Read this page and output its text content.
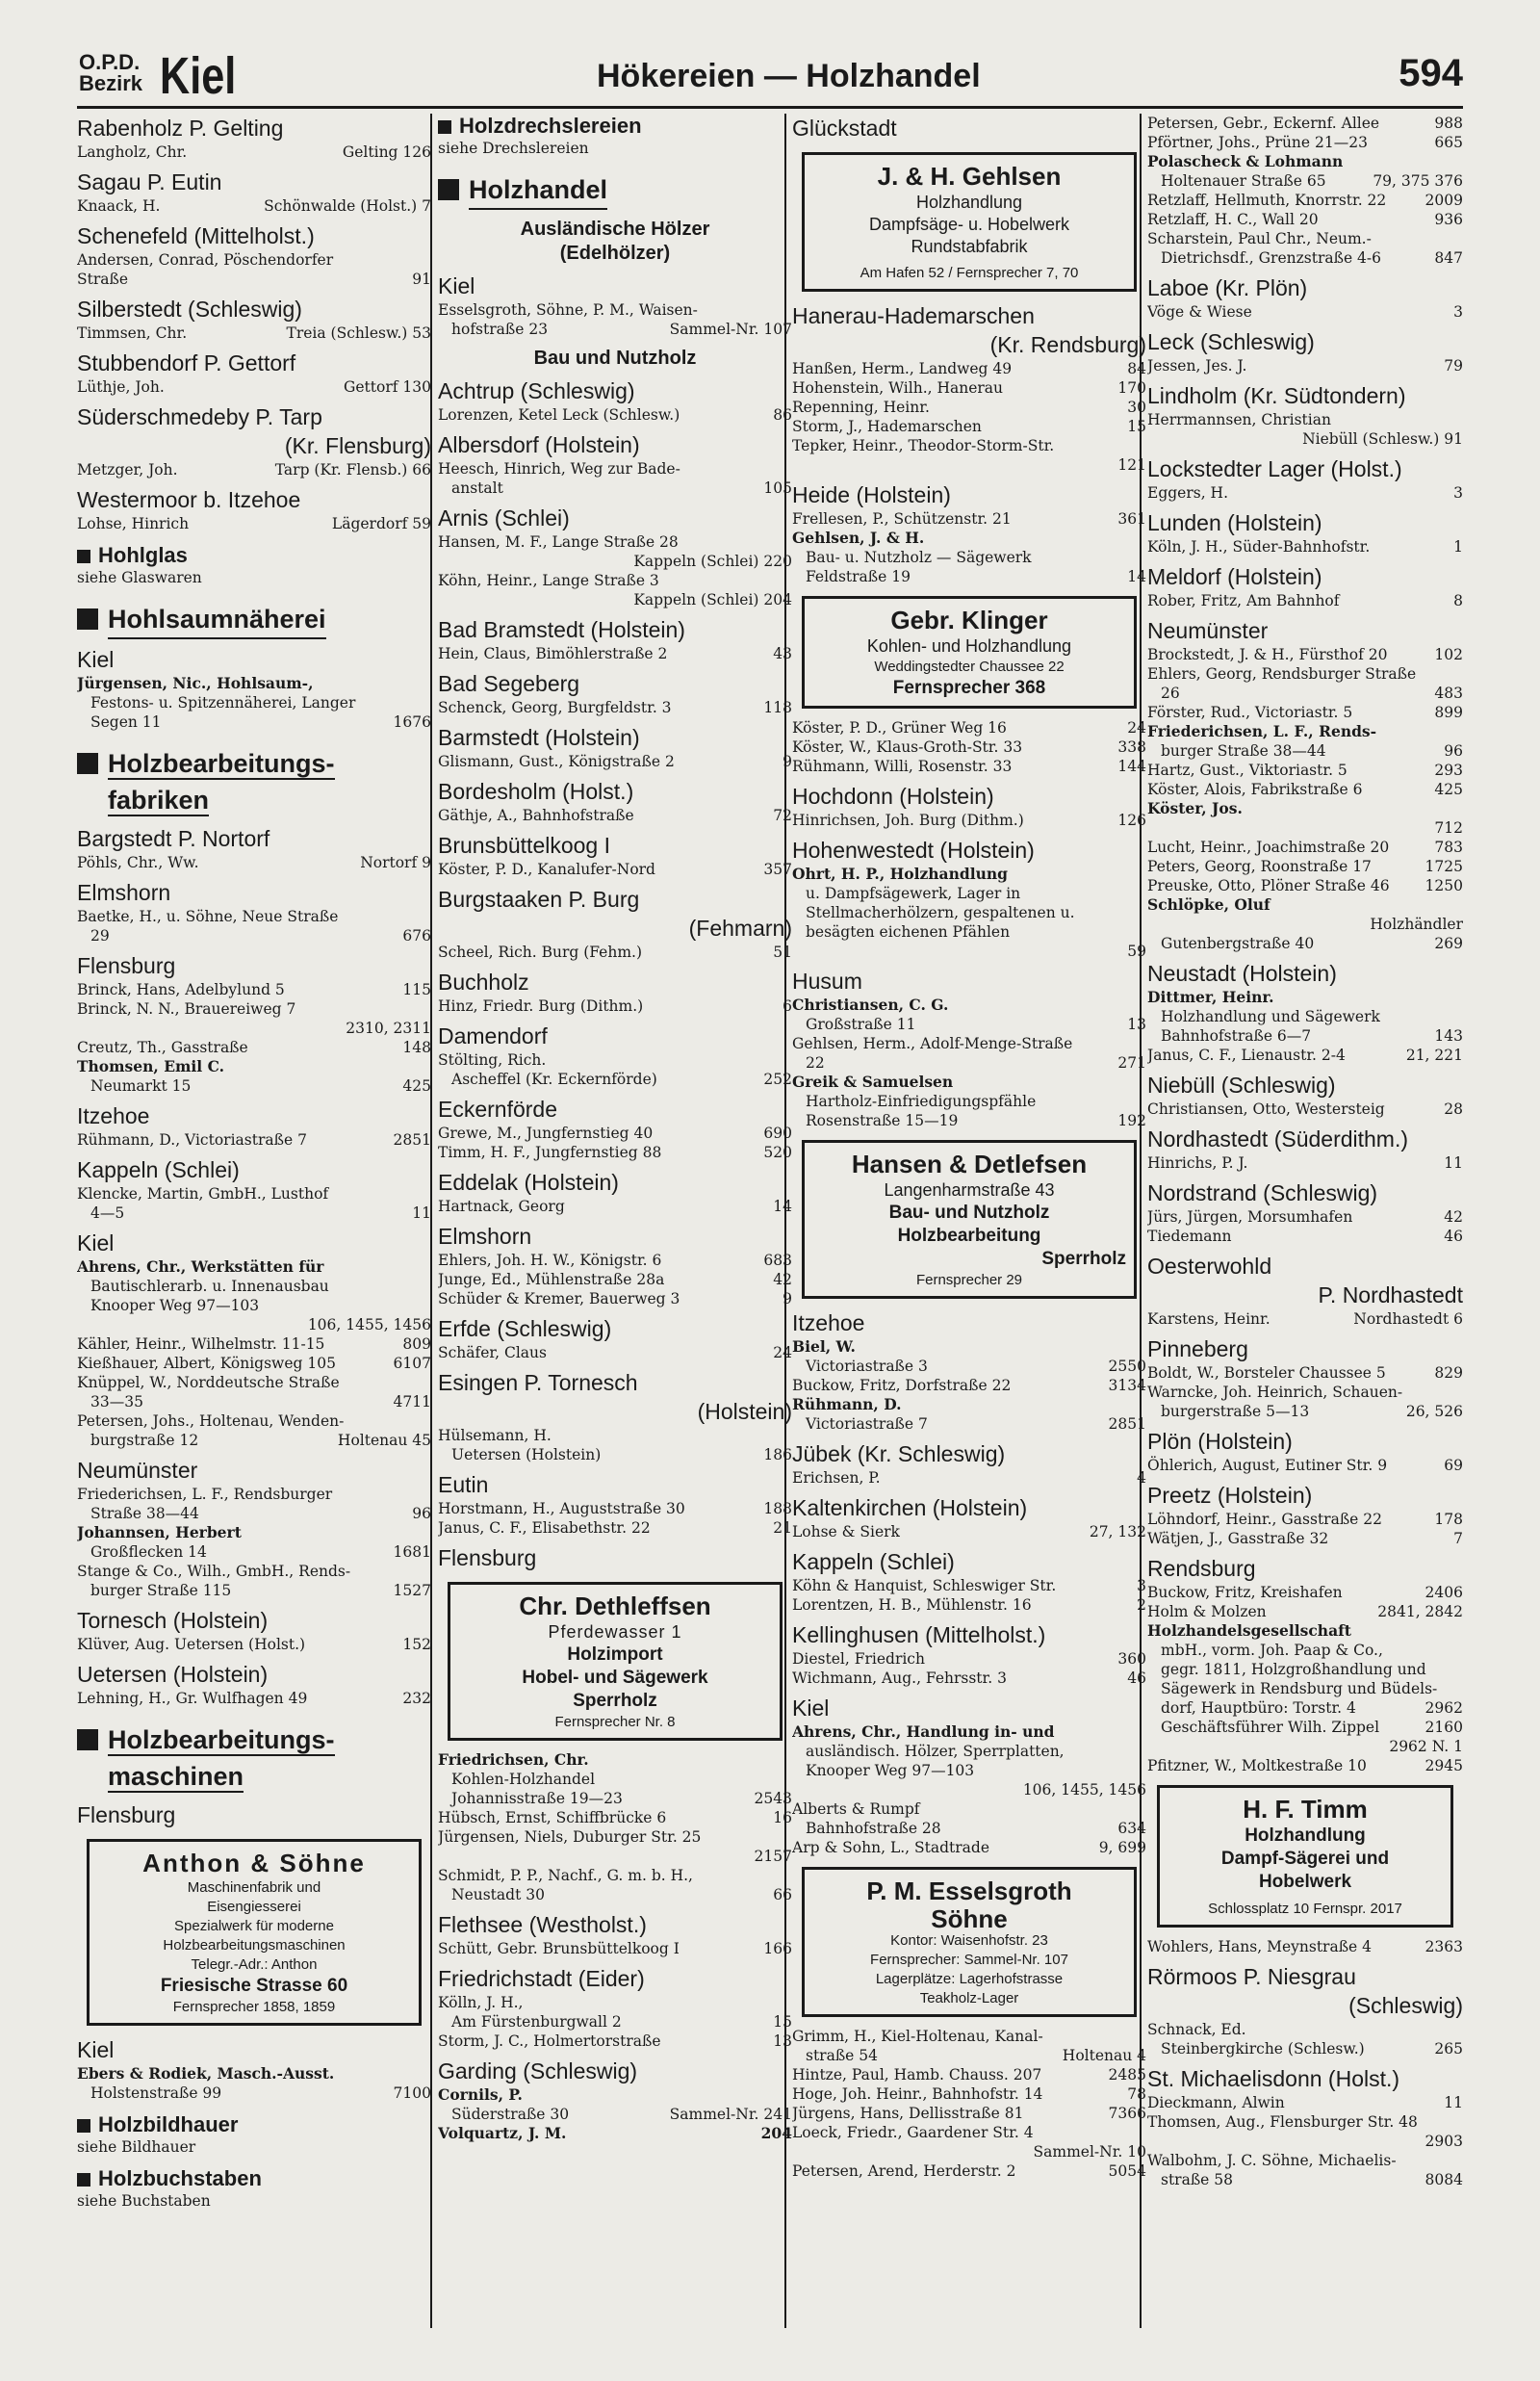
O.P.D.
Bezirk Kiel	Hökereien — Holzhandel	594
Rabenholz P. Gelting
Langholz, Chr.	Gelting 126
Sagau P. Eutin
Knaack, H.	Schönwalde (Holst.) 7
Schenefeld (Mittelholst.)
Andersen, Conrad, Pöschendorfer
Straße	91
Silberstedt (Schleswig)
Timmsen, Chr.	Treia (Schlesw.) 53
Stubbendorf P. Gettorf
Lüthje, Joh.	Gettorf 130
Süderschmedeby P. Tarp
(Kr. Flensburg)
Metzger, Joh.	Tarp (Kr. Flensb.) 66
Westermoor b. Itzehoe
Lohse, Hinrich	Lägerdorf 59
Hohlglas
siehe Glaswaren
Hohlsaumnäherei
Kiel
Jürgensen, Nic., Hohlsaum-,
Festons- u. Spitzennäherei, Langer
Segen 11	1676
Holzbearbeitungs-
fabriken
Bargstedt P. Nortorf
Pöhls, Chr., Ww.	Nortorf 9
Elmshorn
Baetke, H., u. Söhne, Neue Straße
29	676
Flensburg
Brinck, Hans, Adelbylund 5	115
Brinck, N. N., Brauereiweg 7
2310, 2311
Creutz, Th., Gasstraße	148
Thomsen, Emil C.
Neumarkt 15	425
Itzehoe
Rühmann, D., Victoriastraße 7	2851
Kappeln (Schlei)
Klencke, Martin, GmbH., Lusthof
4—5	11
Kiel
Ahrens, Chr., Werkstätten für
Bautischlerarb. u. Innenausbau
Knooper Weg 97—103
106, 1455, 1456
Kähler, Heinr., Wilhelmstr. 11-15	809
Kießhauer, Albert, Königsweg 105	6107
Knüppel, W., Norddeutsche Straße
33—35	4711
Petersen, Johs., Holtenau, Wenden-
burgstraße 12	Holtenau 45
Neumünster
Friederichsen, L. F., Rendsburger
Straße 38—44	96
Johannsen, Herbert
Großflecken 14	1681
Stange & Co., Wilh., GmbH., Rends-
burger Straße 115	1527
Tornesch (Holstein)
Klüver, Aug. Uetersen (Holst.)	152
Uetersen (Holstein)
Lehning, H., Gr. Wulfhagen 49	232
Holzbearbeitungs-
maschinen
Flensburg
Anthon & Söhne
Maschinenfabrik und
Eisengiesserei
Spezialwerk für moderne
Holzbearbeitungsmaschinen
Telegr.-Adr.: Anthon
Friesische Strasse 60
Fernsprecher 1858, 1859
Kiel
Ebers & Rodiek, Masch.-Ausst.
Holstenstraße 99	7100
Holzbildhauer
siehe Bildhauer
Holzbuchstaben
siehe Buchstaben
Holzdrechslereien
siehe Drechslereien
Holzhandel
Ausländische Hölzer
(Edelhölzer)
Kiel
Esselsgroth, Söhne, P. M., Waisen-
hofstraße 23	Sammel-Nr. 107
Bau und Nutzholz
Achtrup (Schleswig)
Lorenzen, Ketel Leck (Schlesw.)	86
Albersdorf (Holstein)
Heesch, Hinrich, Weg zur Bade-
anstalt	105
Arnis (Schlei)
Hansen, M. F., Lange Straße 28
Kappeln (Schlei) 220
Köhn, Heinr., Lange Straße 3
Kappeln (Schlei) 204
Bad Bramstedt (Holstein)
Hein, Claus, Bimöhlerstraße 2	43
Bad Segeberg
Schenck, Georg, Burgfeldstr. 3	118
Barmstedt (Holstein)
Glismann, Gust., Königstraße 2	9
Bordesholm (Holst.)
Gäthje, A., Bahnhofstraße	72
Brunsbüttelkoog I
Köster, P. D., Kanalufer-Nord	357
Burgstaaken P. Burg
(Fehmarn)
Scheel, Rich. Burg (Fehm.)	51
Buchholz
Hinz, Friedr. Burg (Dithm.)	6
Damendorf
Stölting, Rich.
Ascheffel (Kr. Eckernförde)	252
Eckernförde
Grewe, M., Jungfernstieg 40	690
Timm, H. F., Jungfernstieg 88	520
Eddelak (Holstein)
Hartnack, Georg	14
Elmshorn
Ehlers, Joh. H. W., Königstr. 6	683
Junge, Ed., Mühlenstraße 28a	42
Schüder & Kremer, Bauerweg 3	9
Erfde (Schleswig)
Schäfer, Claus	24
Esingen P. Tornesch
(Holstein)
Hülsemann, H.
Uetersen (Holstein)	186
Eutin
Horstmann, H., Auguststraße 30	188
Janus, C. F., Elisabethstr. 22	21
Flensburg
Chr. Dethleffsen
Pferdewasser 1
Holzimport
Hobel- und Sägewerk
Sperrholz
Fernsprecher Nr. 8
Friedrichsen, Chr.
Kohlen-Holzhandel
Johannisstraße 19—23	2543
Hübsch, Ernst, Schiffbrücke 6	16
Jürgensen, Niels, Duburger Str. 25
2157
Schmidt, P. P., Nachf., G. m. b. H.,
Neustadt 30	66
Flethsee (Westholst.)
Schütt, Gebr. Brunsbüttelkoog I	166
Friedrichstadt (Eider)
Kölln, J. H.,
Am Fürstenburgwall 2	15
Storm, J. C., Holmertorstraße	13
Garding (Schleswig)
Cornils, P.
Süderstraße 30	Sammel-Nr. 241
Volquartz, J. M.	204
Glückstadt
J. & H. Gehlsen
Holzhandlung
Dampfsäge- u. Hobelwerk
Rundstabfabrik
Am Hafen 52 / Fernsprecher 7, 70
Hanerau-Hademarschen
(Kr. Rendsburg)
Hanßen, Herm., Landweg 49	84
Hohenstein, Wilh., Hanerau	170
Repenning, Heinr.	30
Storm, J., Hademarschen	15
Tepker, Heinr., Theodor-Storm-Str.
121
Heide (Holstein)
Frellesen, P., Schützenstr. 21	361
Gehlsen, J. & H.
Bau- u. Nutzholz — Sägewerk
Feldstraße 19	14
Gebr. Klinger
Kohlen- und Holzhandlung
Weddingstedter Chaussee 22
Fernsprecher 368
Köster, P. D., Grüner Weg 16	24
Köster, W., Klaus-Groth-Str. 33	338
Rühmann, Willi, Rosenstr. 33	144
Hochdonn (Holstein)
Hinrichsen, Joh. Burg (Dithm.)	126
Hohenwestedt (Holstein)
Ohrt, H. P., Holzhandlung
u. Dampfsägewerk, Lager in
Stellmacherhölzern, gespaltenen u.
besägten eichenen Pfählen
59
Husum
Christiansen, C. G.
Großstraße 11	13
Gehlsen, Herm., Adolf-Menge-Straße
22	271
Greik & Samuelsen
Hartholz-Einfriedigungspfähle
Rosenstraße 15—19	192
Hansen & Detlefsen
Langenharmstraße 43
Bau- und Nutzholz
Holzbearbeitung
Sperrholz
Fernsprecher 29
Itzehoe
Biel, W.
Victoriastraße 3	2550
Buckow, Fritz, Dorfstraße 22	3134
Rühmann, D.
Victoriastraße 7	2851
Jübek (Kr. Schleswig)
Erichsen, P.	4
Kaltenkirchen (Holstein)
Lohse & Sierk	27, 132
Kappeln (Schlei)
Köhn & Hanquist, Schleswiger Str.	3
Lorentzen, H. B., Mühlenstr. 16	2
Kellinghusen (Mittelholst.)
Diestel, Friedrich	360
Wichmann, Aug., Fehrsstr. 3	46
Kiel
Ahrens, Chr., Handlung in- und
ausländisch. Hölzer, Sperrplatten,
Knooper Weg 97—103
106, 1455, 1456
Alberts & Rumpf
Bahnhofstraße 28	634
Arp & Sohn, L., Stadtrade	9, 699
P. M. Esselsgroth
Söhne
Kontor: Waisenhofstr. 23
Fernsprecher: Sammel-Nr. 107
Lagerplätze: Lagerhofstrasse
Teakholz-Lager
Grimm, H., Kiel-Holtenau, Kanal-
straße 54	Holtenau 4
Hintze, Paul, Hamb. Chauss. 207	2485
Hoge, Joh. Heinr., Bahnhofstr. 14	78
Jürgens, Hans, Dellisstraße 81	7366
Loeck, Friedr., Gaardener Str. 4
Sammel-Nr. 10
Petersen, Arend, Herderstr. 2	5054
Petersen, Gebr., Eckernf. Allee	988
Pförtner, Johs., Prüne 21—23	665
Polascheck & Lohmann
Holtenauer Straße 65	79, 375 376
Retzlaff, Hellmuth, Knorrstr. 22	2009
Retzlaff, H. C., Wall 20	936
Scharstein, Paul Chr., Neum.-
Dietrichsdf., Grenzstraße 4-6	847
Laboe (Kr. Plön)
Vöge & Wiese	3
Leck (Schleswig)
Jessen, Jes. J.	79
Lindholm (Kr. Südtondern)
Herrmannsen, Christian
Niebüll (Schlesw.) 91
Lockstedter Lager (Holst.)
Eggers, H.	3
Lunden (Holstein)
Köln, J. H., Süder-Bahnhofstr.	1
Meldorf (Holstein)
Rober, Fritz, Am Bahnhof	8
Neumünster
Brockstedt, J. & H., Fürsthof 20	102
Ehlers, Georg, Rendsburger Straße
26	483
Förster, Rud., Victoriastr. 5	899
Friederichsen, L. F., Rends-
burger Straße 38—44	96
Hartz, Gust., Viktoriastr. 5	293
Köster, Alois, Fabrikstraße 6	425
Köster, Jos.
712
Lucht, Heinr., Joachimstraße 20	783
Peters, Georg, Roonstraße 17	1725
Preuske, Otto, Plöner Straße 46 1250
Schlöpke, Oluf
Holzhändler
Gutenbergstraße 40	269
Neustadt (Holstein)
Dittmer, Heinr.
Holzhandlung und Sägewerk
Bahnhofstraße 6—7	143
Janus, C. F., Lienaustr. 2-4	21, 221
Niebüll (Schleswig)
Christiansen, Otto, Westersteig	28
Nordhastedt (Süderdithm.)
Hinrichs, P. J.	11
Nordstrand (Schleswig)
Jürs, Jürgen, Morsumhafen	42
Tiedemann	46
Oesterwohld
P. Nordhastedt
Karstens, Heinr.	Nordhastedt 6
Pinneberg
Boldt, W., Borsteler Chaussee 5	829
Warncke, Joh. Heinrich, Schauen-
burgerstraße 5—13	26, 526
Plön (Holstein)
Öhlerich, August, Eutiner Str. 9	69
Preetz (Holstein)
Löhndorf, Heinr., Gasstraße 22	178
Wätjen, J., Gasstraße 32	7
Rendsburg
Buckow, Fritz, Kreishafen	2406
Holm & Molzen	2841, 2842
Holzhandelsgesellschaft
mbH., vorm. Joh. Paap & Co.,
gegr. 1811, Holzgroßhandlung und
Sägewerk in Rendsburg und Büdels-
dorf, Hauptbüro: Torstr. 4	2962
Geschäftsführer Wilh. Zippel	2160
2962 N. 1
Pfitzner, W., Moltkestraße 10	2945
H. F. Timm
Holzhandlung
Dampf-Sägerei und
Hobelwerk
Schlossplatz 10 Fernspr. 2017
Wohlers, Hans, Meynstraße 4	2363
Rörmoos P. Niesgrau
(Schleswig)
Schnack, Ed.
Steinbergkirche (Schlesw.)	265
St. Michaelisdonn (Holst.)
Dieckmann, Alwin	11
Thomsen, Aug., Flensburger Str. 48
2903
Walbohm, J. C. Söhne, Michaelis-
straße 58	8084
